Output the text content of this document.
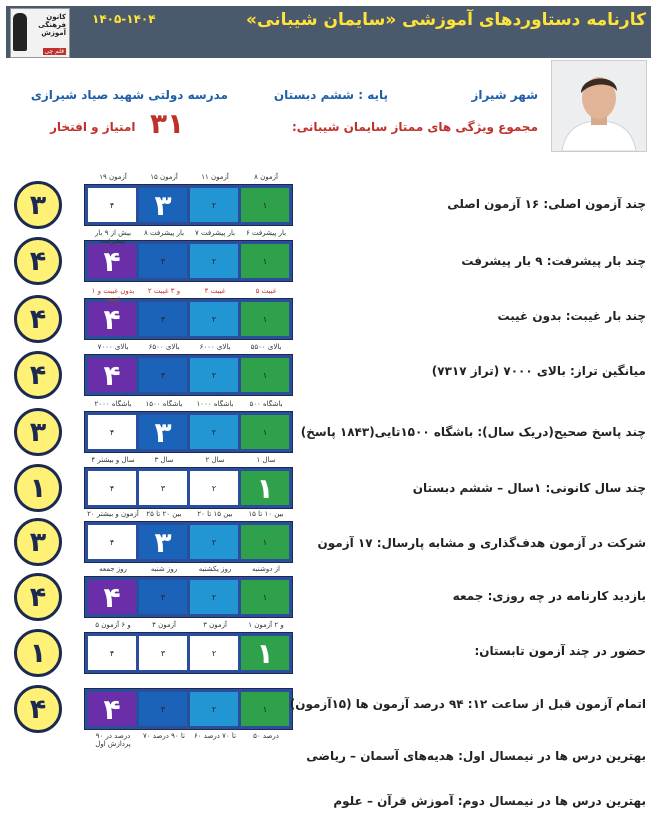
کارنامه دستاوردهای آموزشی «سایمان شیبانی»
۱۴۰۵-۱۴۰۴
کانون
فرهنگی
آموزش
قلم چی
شهر شیراز
پایه : ششم دبستان
مدرسه دولتی شهید صیاد شیرازی
مجموع ویژگی های ممتاز سایمان شیبانی:
۳۱
امتیاز و افتخار
۳	۴	۳	۲	۱
۱۹ آزمون	۱۵ آزمون	۱۱ آزمون	۸ آزمون
چند آزمون اصلی: ۱۶ آزمون اصلی
۴	۴	۳	۲	۱
بیش از ۹ بار پیشرفت
۸ بار پیشرفت	۷ بار پیشرفت	۶ بار پیشرفت
چند بار پیشرفت: ۹ بار پیشرفت
۴	۴	۳	۲	۱
بدون غیبت و ۱ غیبت
۲ و ۳ غیبت	۴ غیبت	۵ غیبت
چند بار غیبت: بدون غیبت
۴	۴	۳	۲	۱
بالای ۷۰۰۰	بالای ۶۵۰۰	بالای ۶۰۰۰	بالای ۵۵۰۰
میانگین تراز: بالای ۷۰۰۰ (تراز ۷۳۱۷)
۳	۴	۳	۲	۱
باشگاه ۲۰۰۰	باشگاه ۱۵۰۰	باشگاه ۱۰۰۰	باشگاه ۵۰۰
چند پاسخ صحیح(دریک سال): باشگاه ۱۵۰۰تایی(۱۸۴۳ پاسخ)
۱	۴	۳	۲	۱
۴ سال و بیشتر	۳ سال	۲ سال	۱ سال
چند سال کانونی: ۱سال – ششم دبستان
۳	۴	۳	۲	۱
۲۰ آزمون و بیشتر	بین ۲۰ تا ۲۵	بین ۱۵ تا ۲۰	بین ۱۰ تا ۱۵
شرکت در آزمون هدف‌گذاری و مشابه پارسال: ۱۷ آزمون
۴	۴	۳	۲	۱
روز جمعه	روز شنبه	روز یکشنبه	از دوشنبه
بازدید کارنامه در چه روزی: جمعه
۱	۴	۳	۲	۱
۵ و ۶ آزمون	۴ آزمون	۳ آزمون	۱ و ۲ آزمون
حضور در چند آزمون تابستان:
۴	۴	۳	۲	۱
۹۰ درصد در پردازش اول
۷۰ تا ۹۰ درصد	۶۰ تا ۷۰ درصد	۵۰ درصد
اتمام آزمون قبل از ساعت ۱۲: ۹۴ درصد آزمون ها (۱۵آزمون)
بهترین درس ها در نیمسال اول: هدیه‌های آسمان – ریاضی
بهترین درس ها در نیمسال دوم: آموزش قرآن – علوم
